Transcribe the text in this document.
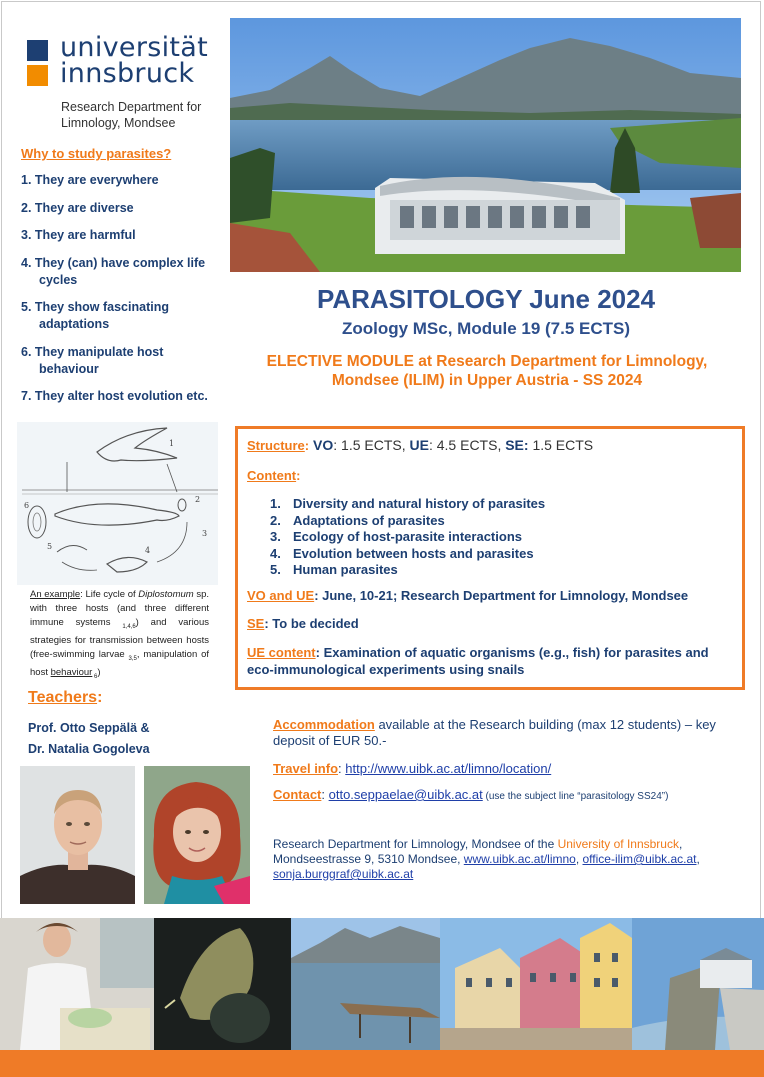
universität
innsbruck
Research Department for
Limnology, Mondsee
Why to study parasites?
1. They are everywhere
2. They are diverse
3. They are harmful
4. They (can) have complex life cycles
5. They show fascinating adaptations
6. They manipulate host behaviour
7. They alter host evolution etc.
PARASITOLOGY June 2024
Zoology MSc, Module 19 (7.5 ECTS)
ELECTIVE MODULE at Research Department for Limnology, Mondsee (ILIM) in Upper Austria - SS 2024
1
2
3
4
5
6
An example: Life cycle of Diplostomum sp. with three hosts (and three different immune systems $_{1,4,6}$) and various strategies for transmission between hosts (free-swimming larvae $_{3,5}$, manipulation of host behaviour $_6$)
Structure: VO: 1.5 ECTS, UE: 4.5 ECTS, SE: 1.5 ECTS
Content:
1. Diversity and natural history of parasites
2. Adaptations of parasites
3. Ecology of host-parasite interactions
4. Evolution between hosts and parasites
5. Human parasites
VO and UE: June, 10-21; Research Department for Limnology, Mondsee
SE: To be decided
UE content: Examination of aquatic organisms (e.g., fish) for parasites and eco-immunological experiments using snails
Teachers:
Prof. Otto Seppälä &
Dr. Natalia Gogoleva
Accommodation available at the Research building (max 12 students) – key deposit of EUR 50.-
Travel info: http://www.uibk.ac.at/limno/location/
Contact: otto.seppaelae@uibk.ac.at (use the subject line “parasitology SS24”)
Research Department for Limnology, Mondsee of the University of Innsbruck, Mondseestrasse 9, 5310 Mondsee, www.uibk.ac.at/limno, office-ilim@uibk.ac.at, sonja.burggraf@uibk.ac.at
